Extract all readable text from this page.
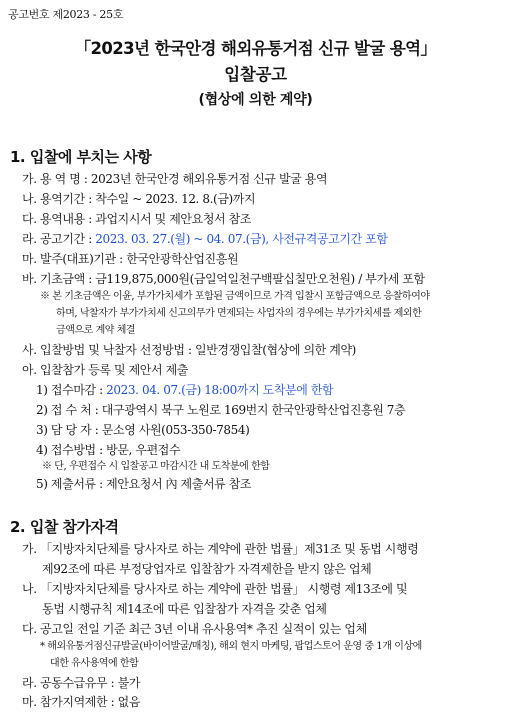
공고번호 제2023 - 25호
「2023년 한국안경 해외유통거점 신규 발굴 용역」
입찰공고
(협상에 의한 계약)
1. 입찰에 부치는 사항
가. 용 역 명 : 2023년 한국안경 해외유통거점 신규 발굴 용역
나. 용역기간 : 착수일 ~ 2023. 12. 8.(금)까지
다. 용역내용 : 과업지시서 및 제안요청서 참조
라. 공고기간 : 2023. 03. 27.(월) ~ 04. 07.(금), 사전규격공고기간 포함
마. 발주(대표)기관 : 한국안광학산업진흥원
바. 기초금액 : 금119,875,000원(금일억일천구백팔십칠만오천원) / 부가세 포함
※ 본 기초금액은 이윤, 부가가치세가 포함된 금액이므로 가격 입찰시 포함금액으로 응찰하여야
하며, 낙찰자가 부가가치세 신고의무가 면제되는 사업자의 경우에는 부가가치세를 제외한
금액으로 계약 체결
사. 입찰방법 및 낙찰자 선정방법 : 일반경쟁입찰(협상에 의한 계약)
아. 입찰참가 등록 및 제안서 제출
1) 접수마감 : 2023. 04. 07.(금) 18:00까지 도착분에 한함
2) 접 수 처 : 대구광역시 북구 노원로 169번지 한국안광학산업진흥원 7층
3) 담 당 자 : 문소영 사원(053-350-7854)
4) 접수방법 : 방문, 우편접수
※ 단, 우편접수 시 입찰공고 마감시간 내 도착분에 한함
5) 제출서류 : 제안요청서 內 제출서류 참조
2. 입찰 참가자격
가. 「지방자치단체를 당사자로 하는 계약에 관한 법률」제31조 및 동법 시행령
제92조에 따른 부정당업자로 입찰참가 자격제한을 받지 않은 업체
나. 「지방자치단체를 당사자로 하는 계약에 관한 법률」 시행령 제13조에 및
동법 시행규칙 제14조에 따른 입찰참가 자격을 갖춘 업체
다. 공고일 전일 기준 최근 3년 이내 유사용역* 추진 실적이 있는 업체
* 해외유통거점신규발굴(바이어발굴/매칭), 해외 현지 마케팅, 팝업스토어 운영 중 1개 이상에
대한 유사용역에 한함
라. 공동수급유무 : 불가
마. 참가지역제한 : 없음
